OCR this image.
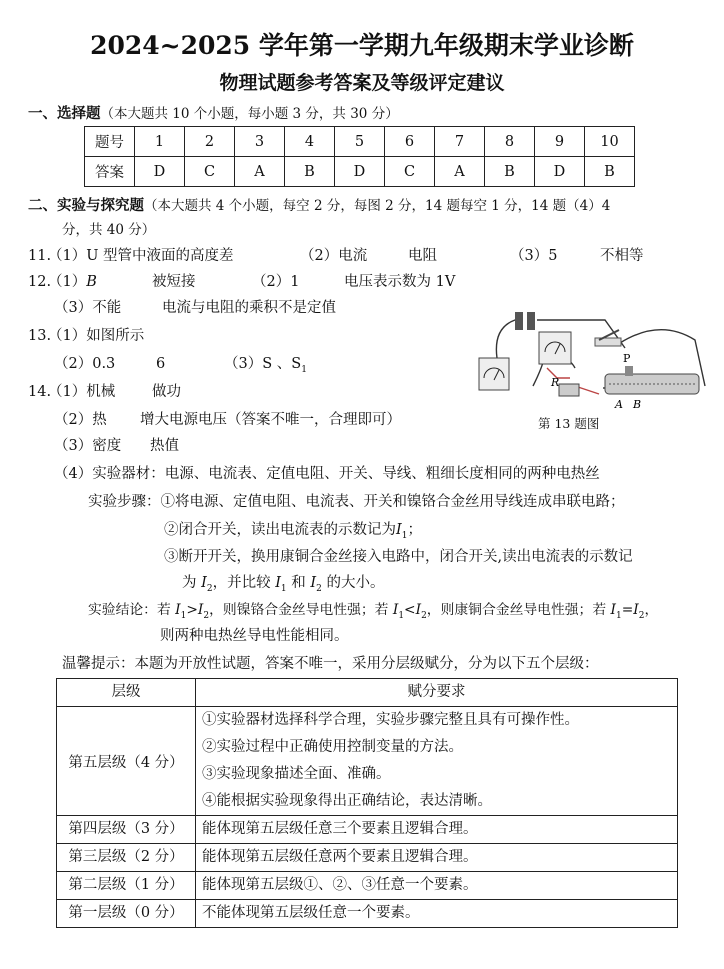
2024~2025 学年第一学期九年级期末学业诊断
物理试题参考答案及等级评定建议
一、选择题（本大题共 10 个小题，每小题 3 分，共 30 分）
题号	1	2	3	4	5	6	7	8	9	10
答案	D	C	A	B	D	C	A	B	D	B
二、实验与探究题（本大题共 4 个小题，每空 2 分，每图 2 分，14 题每空 1 分，14 题（4）4
分，共 40 分）
11.
（1）U 型管中液面的高度差	（2）电流	电阻	（3）5	不相等
12.
（1）B	被短接	（2）1	电压表示数为 1V
（3）不能	电流与电阻的乘积不是定值
13.
（1）如图所示
（2）0.3	6	（3）S 、$S_1$
R
P
A B
第 13 题图
14.
（1）机械	做功
（2）热 增大电源电压（答案不唯一，合理即可）
（3）密度 热值
（4）实验器材：电源、电流表、定值电阻、开关、导线、粗细长度相同的两种电热丝
实验步骤：①将电源、定值电阻、电流表、开关和镍铬合金丝用导线连成串联电路；
②闭合开关，读出电流表的示数记为$I_1$；
③断开开关，换用康铜合金丝接入电路中，闭合开关,读出电流表的示数记
为 $I_2$，并比较 $I_1$ 和 $I_2$ 的大小。
实验结论：若 $I_1>I_2$，则镍铬合金丝导电性强；若 $I_1<I_2$，则康铜合金丝导电性强；若 $I_1=I_2$，
则两种电热丝导电性能相同。
温馨提示：本题为开放性试题，答案不唯一，采用分层级赋分，分为以下五个层级：
层级	赋分要求
第五层级（4 分）	①实验器材选择科学合理，实验步骤完整且具有可操作性。
②实验过程中正确使用控制变量的方法。
③实验现象描述全面、准确。
④能根据实验现象得出正确结论，表达清晰。

第四层级（3 分）	能体现第五层级任意三个要素且逻辑合理。
第三层级（2 分）	能体现第五层级任意两个要素且逻辑合理。
第二层级（1 分）	能体现第五层级①、②、③任意一个要素。
第一层级（0 分）	不能体现第五层级任意一个要素。
